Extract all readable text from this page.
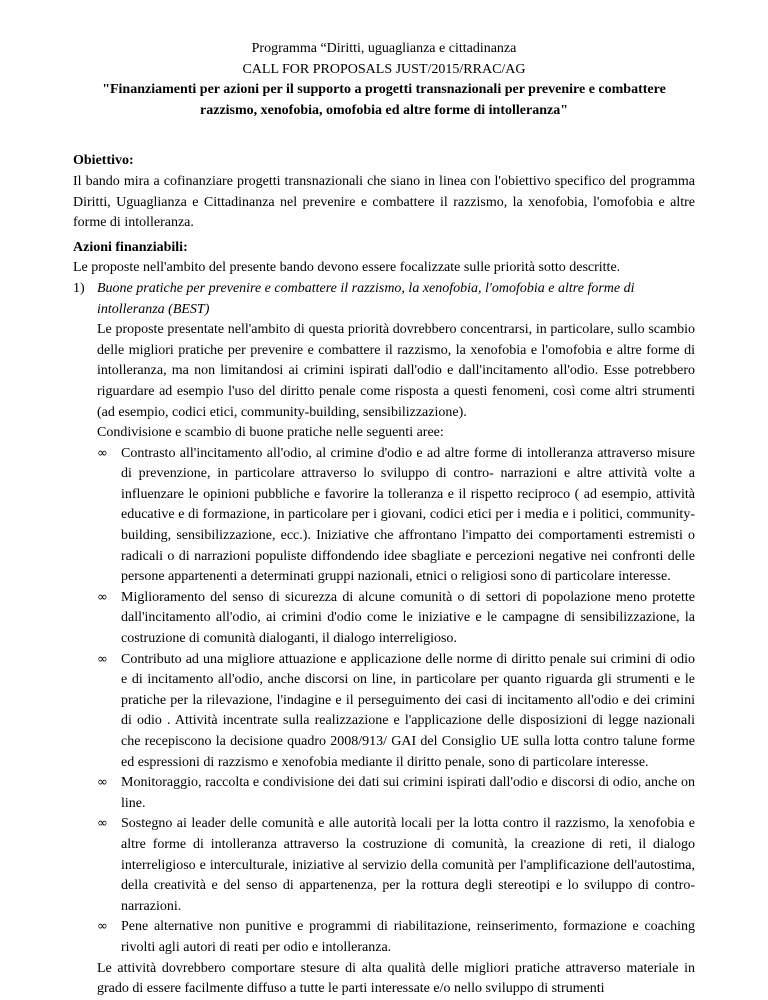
Programma “Diritti, uguaglianza e cittadinanza

CALL FOR PROPOSALS JUST/2015/RRAC/AG

"Finanziamenti per azioni per il supporto a progetti transnazionali per prevenire e combattere razzismo, xenofobia, omofobia ed altre forme di intolleranza"

Obiettivo:

Il bando mira a cofinanziare progetti transnazionali che siano in linea con l'obiettivo specifico del programma Diritti, Uguaglianza e Cittadinanza nel prevenire e combattere il razzismo, la xenofobia, l'omofobia e altre forme di intolleranza.

Azioni finanziabili:

Le proposte nell'ambito del presente bando devono essere focalizzate sulle priorità sotto descritte.

1) Buone pratiche per prevenire e combattere il razzismo, la xenofobia, l'omofobia e altre forme di intolleranza (BEST)

Le proposte presentate nell'ambito di questa priorità dovrebbero concentrarsi, in particolare, sullo scambio delle migliori pratiche per prevenire e combattere il razzismo, la xenofobia e l'omofobia e altre forme di intolleranza, ma non limitandosi ai crimini ispirati dall'odio e dall'incitamento all'odio. Esse potrebbero riguardare ad esempio l'uso del diritto penale come risposta a questi fenomeni, così come altri strumenti (ad esempio, codici etici, community-building, sensibilizzazione).

Condivisione e scambio di buone pratiche nelle seguenti aree:

∞ Contrasto all'incitamento all'odio, al crimine d'odio e ad altre forme di intolleranza attraverso misure di prevenzione, in particolare attraverso lo sviluppo di contro- narrazioni e altre attività volte a influenzare le opinioni pubbliche e favorire la tolleranza e il rispetto reciproco ( ad esempio, attività educative e di formazione, in particolare per i giovani, codici etici per i media e i politici, community-building, sensibilizzazione, ecc.). Iniziative che affrontano l'impatto dei comportamenti estremisti o radicali o di narrazioni populiste diffondendo idee sbagliate e percezioni negative nei confronti delle persone appartenenti a determinati gruppi nazionali, etnici o religiosi sono di particolare interesse.
∞ Miglioramento del senso di sicurezza di alcune comunità o di settori di popolazione meno protette dall'incitamento all'odio, ai crimini d'odio come le iniziative e le campagne di sensibilizzazione, la costruzione di comunità dialoganti, il dialogo interreligioso.
∞ Contributo ad una migliore attuazione e applicazione delle norme di diritto penale sui crimini di odio e di incitamento all'odio, anche discorsi on line, in particolare per quanto riguarda gli strumenti e le pratiche per la rilevazione, l'indagine e il perseguimento dei casi di incitamento all'odio e dei crimini di odio . Attività incentrate sulla realizzazione e l'applicazione delle disposizioni di legge nazionali che recepiscono la decisione quadro 2008/913/ GAI del Consiglio UE sulla lotta contro talune forme ed espressioni di razzismo e xenofobia mediante il diritto penale, sono di particolare interesse.
∞ Monitoraggio, raccolta e condivisione dei dati sui crimini ispirati dall'odio e discorsi di odio, anche on line.
∞ Sostegno ai leader delle comunità e alle autorità locali per la lotta contro il razzismo, la xenofobia e altre forme di intolleranza attraverso la costruzione di comunità, la creazione di reti, il dialogo interreligioso e interculturale, iniziative al servizio della comunità per l'amplificazione dell'autostima, della creatività e del senso di appartenenza, per la rottura degli stereotipi e lo sviluppo di contro- narrazioni.
∞ Pene alternative non punitive e programmi di riabilitazione, reinserimento, formazione e coaching rivolti agli autori di reati per odio e intolleranza.

Le attività dovrebbero comportare stesure di alta qualità delle migliori pratiche attraverso materiale in grado di essere facilmente diffuso a tutte le parti interessate e/o nello sviluppo di strumenti
